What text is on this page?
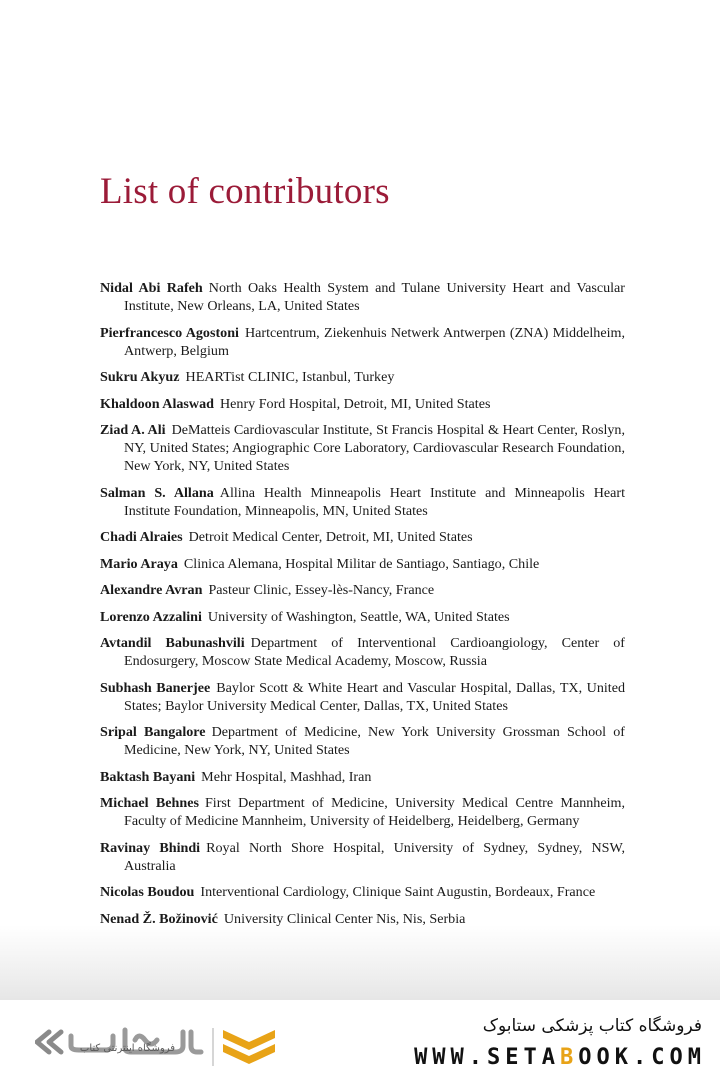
List of contributors
Nidal Abi Rafeh North Oaks Health System and Tulane University Heart and Vascular Institute, New Orleans, LA, United States
Pierfrancesco Agostoni Hartcentrum, Ziekenhuis Netwerk Antwerpen (ZNA) Middelheim, Antwerp, Belgium
Sukru Akyuz HEARTist CLINIC, Istanbul, Turkey
Khaldoon Alaswad Henry Ford Hospital, Detroit, MI, United States
Ziad A. Ali DeMatteis Cardiovascular Institute, St Francis Hospital & Heart Center, Roslyn, NY, United States; Angiographic Core Laboratory, Cardiovascular Research Foundation, New York, NY, United States
Salman S. Allana Allina Health Minneapolis Heart Institute and Minneapolis Heart Institute Foundation, Minneapolis, MN, United States
Chadi Alraies Detroit Medical Center, Detroit, MI, United States
Mario Araya Clinica Alemana, Hospital Militar de Santiago, Santiago, Chile
Alexandre Avran Pasteur Clinic, Essey-lès-Nancy, France
Lorenzo Azzalini University of Washington, Seattle, WA, United States
Avtandil Babunashvili Department of Interventional Cardioangiology, Center of Endosurgery, Moscow State Medical Academy, Moscow, Russia
Subhash Banerjee Baylor Scott & White Heart and Vascular Hospital, Dallas, TX, United States; Baylor University Medical Center, Dallas, TX, United States
Sripal Bangalore Department of Medicine, New York University Grossman School of Medicine, New York, NY, United States
Baktash Bayani Mehr Hospital, Mashhad, Iran
Michael Behnes First Department of Medicine, University Medical Centre Mannheim, Faculty of Medicine Mannheim, University of Heidelberg, Heidelberg, Germany
Ravinay Bhindi Royal North Shore Hospital, University of Sydney, Sydney, NSW, Australia
Nicolas Boudou Interventional Cardiology, Clinique Saint Augustin, Bordeaux, France
Nenad Ž. Božinović University Clinical Center Nis, Nis, Serbia
فروشگاه اینترنتی کتاب
فروشگاه کتاب پزشکی ستابوک
WWW.SETABOOK.COM
